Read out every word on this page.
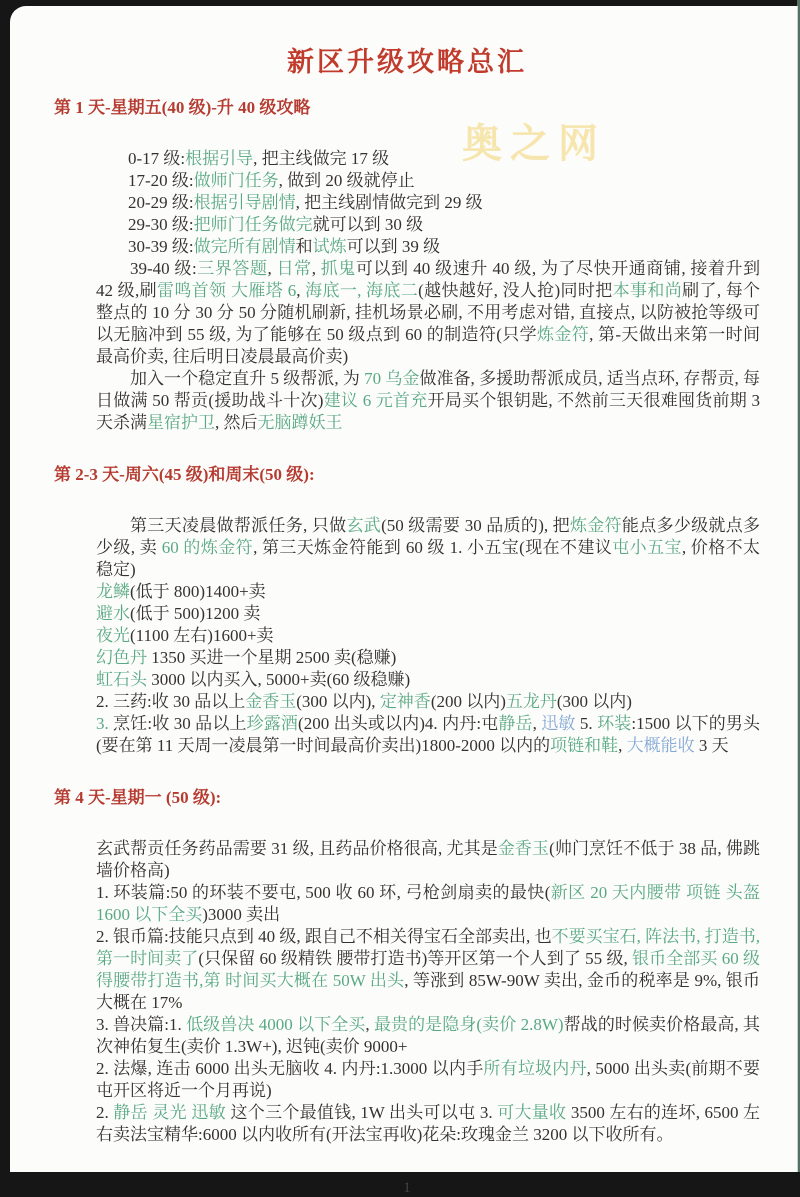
奥之网
新区升级攻略总汇
第 1 天-星期五(40 级)-升 40 级攻略
0-17 级:根据引导, 把主线做完 17 级
17-20 级:做师门任务, 做到 20 级就停止
20-29 级:根据引导剧情, 把主线剧情做完到 29 级
29-30 级:把师门任务做完就可以到 30 级
30-39 级:做完所有剧情和试炼可以到 39 级
39-40 级:三界答题, 日常, 抓鬼可以到 40 级速升 40 级, 为了尽快开通商铺, 接着升到 42 级,刷雷鸣首领 大雁塔 6, 海底一, 海底二(越快越好, 没人抢)同时把本事和尚刷了, 每个整点的 10 分 30 分 50 分随机刷新, 挂机场景必刷, 不用考虑对错, 直接点, 以防被抢等级可以无脑冲到 55 级, 为了能够在 50 级点到 60 的制造符(只学炼金符, 第-天做出来第一时间最高价卖, 往后明日凌晨最高价卖)
加入一个稳定直升 5 级帮派, 为 70 乌金做准备, 多援助帮派成员, 适当点环, 存帮贡, 每日做满 50 帮贡(援助战斗十次)建议 6 元首充开局买个银钥匙, 不然前三天很难囤货前期 3 天杀满星宿护卫, 然后无脑蹲妖王
第 2-3 天-周六(45 级)和周末(50 级):
第三天凌晨做帮派任务, 只做玄武(50 级需要 30 品质的), 把炼金符能点多少级就点多少级, 卖 60 的炼金符, 第三天炼金符能到 60 级 1. 小五宝(现在不建议屯小五宝, 价格不太稳定)
龙鳞(低于 800)1400+卖
避水(低于 500)1200 卖
夜光(1100 左右)1600+卖
幻色丹 1350 买进一个星期 2500 卖(稳赚)
虹石头 3000 以内买入, 5000+卖(60 级稳赚)
2. 三药:收 30 品以上金香玉(300 以内), 定神香(200 以内)五龙丹(300 以内)
3. 烹饪:收 30 品以上珍露酒(200 出头或以内)4. 内丹:屯静岳, 迅敏 5. 环装:1500 以下的男头(要在第 11 天周一凌晨第一时间最高价卖出)1800-2000 以内的项链和鞋, 大概能收 3 天
第 4 天-星期一 (50 级):
玄武帮贡任务药品需要 31 级, 且药品价格很高, 尤其是金香玉(帅门烹饪不低于 38 品, 佛跳墙价格高)
1. 环装篇:50 的环装不要屯, 500 收 60 环, 弓枪剑扇卖的最快(新区 20 天内腰带 项链 头盔 1600 以下全买)3000 卖出
2. 银币篇:技能只点到 40 级, 跟自己不相关得宝石全部卖出, 也不要买宝石, 阵法书, 打造书, 第一时间卖了(只保留 60 级精铁 腰带打造书)等开区第一个人到了 55 级, 银币全部买 60 级得腰带打造书,第 时间买大概在 50W 出头, 等涨到 85W-90W 卖出, 金币的税率是 9%, 银币大概在 17%
3. 兽决篇:1. 低级兽决 4000 以下全买, 最贵的是隐身(卖价 2.8W)帮战的时候卖价格最高, 其次神佑复生(卖价 1.3W+), 迟钝(卖价 9000+
2. 法爆, 连击 6000 出头无脑收 4. 内丹:1.3000 以内手所有垃圾内丹, 5000 出头卖(前期不要屯开区将近一个月再说)
2. 静岳 灵光 迅敏 这个三个最值钱, 1W 出头可以屯 3. 可大量收 3500 左右的连坏, 6500 左右卖法宝精华:6000 以内收所有(开法宝再收)花朵:玫瑰金兰 3200 以下收所有。
1
